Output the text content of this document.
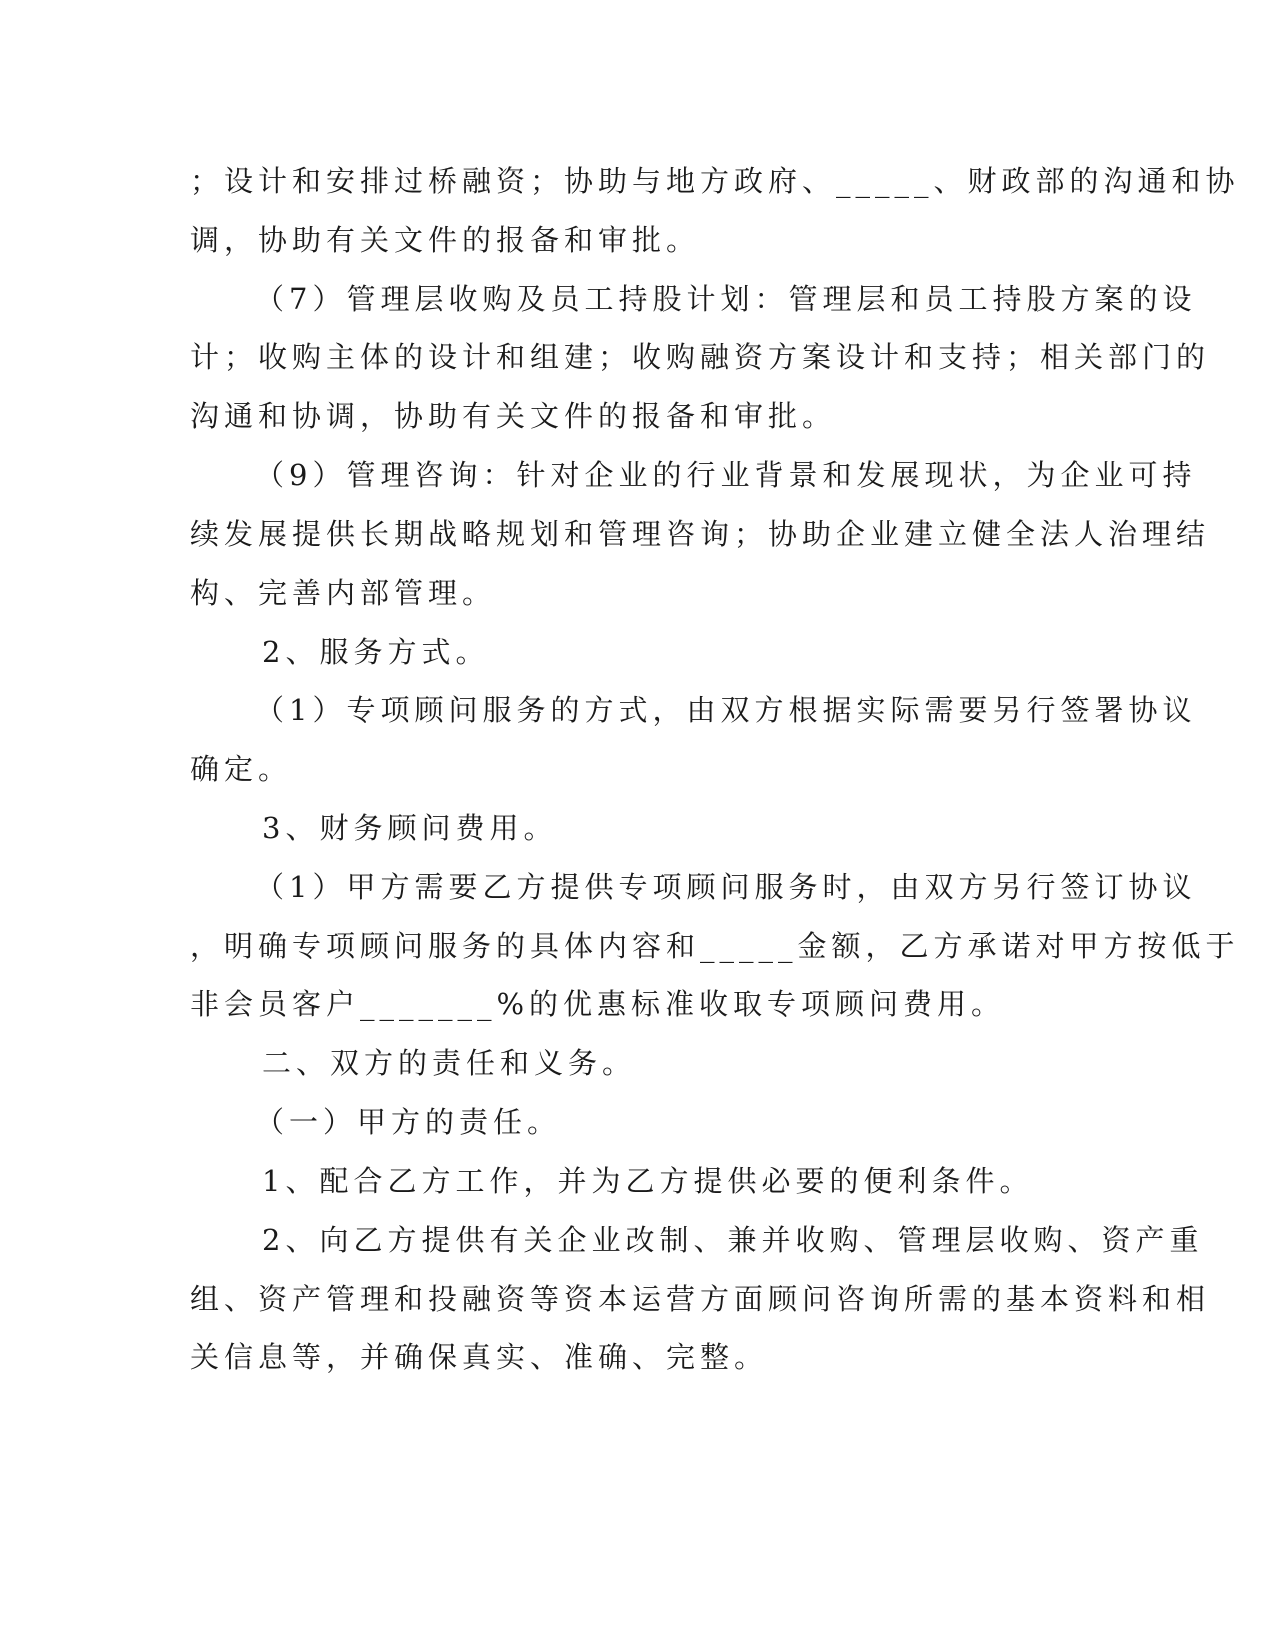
；设计和安排过桥融资；协助与地方政府、_____、财政部的沟通和协
调，协助有关文件的报备和审批。
（7）管理层收购及员工持股计划：管理层和员工持股方案的设
计；收购主体的设计和组建；收购融资方案设计和支持；相关部门的
沟通和协调，协助有关文件的报备和审批。
（9）管理咨询：针对企业的行业背景和发展现状，为企业可持
续发展提供长期战略规划和管理咨询；协助企业建立健全法人治理结
构、完善内部管理。
2、服务方式。
（1）专项顾问服务的方式，由双方根据实际需要另行签署协议
确定。
3、财务顾问费用。
（1）甲方需要乙方提供专项顾问服务时，由双方另行签订协议
，明确专项顾问服务的具体内容和_____金额，乙方承诺对甲方按低于
非会员客户_______%的优惠标准收取专项顾问费用。
二、双方的责任和义务。
（一）甲方的责任。
1、配合乙方工作，并为乙方提供必要的便利条件。
2、向乙方提供有关企业改制、兼并收购、管理层收购、资产重
组、资产管理和投融资等资本运营方面顾问咨询所需的基本资料和相
关信息等，并确保真实、准确、完整。
